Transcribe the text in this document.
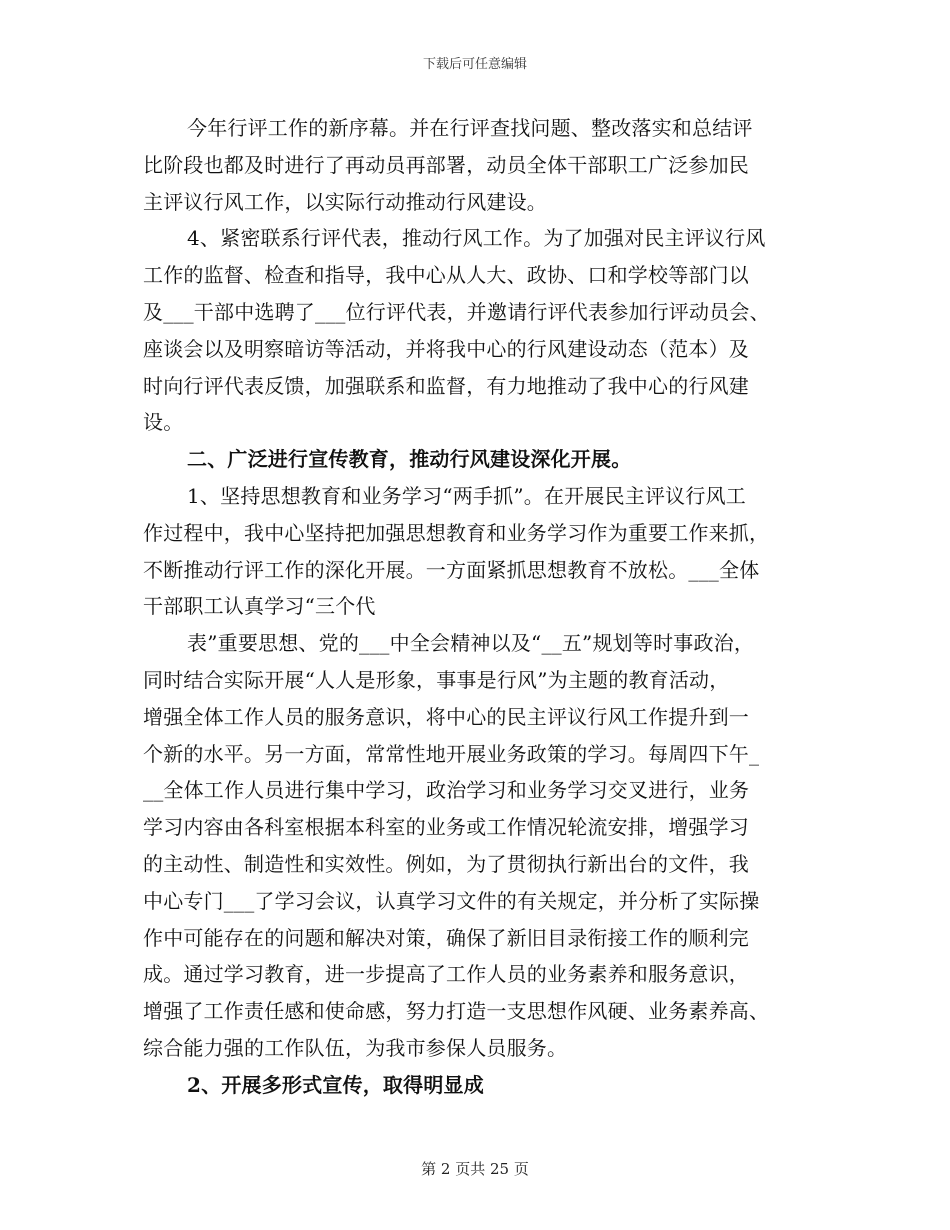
下载后可任意编辑
今年行评工作的新序幕。并在行评查找问题、整改落实和总结评
比阶段也都及时进行了再动员再部署，动员全体干部职工广泛参加民
主评议行风工作，以实际行动推动行风建设。
4、紧密联系行评代表，推动行风工作。为了加强对民主评议行风
工作的监督、检查和指导，我中心从人大、政协、口和学校等部门以
及___干部中选聘了___位行评代表，并邀请行评代表参加行评动员会、
座谈会以及明察暗访等活动，并将我中心的行风建设动态（范本）及
时向行评代表反馈，加强联系和监督，有力地推动了我中心的行风建
设。
二、广泛进行宣传教育，推动行风建设深化开展。
1、坚持思想教育和业务学习“两手抓”。在开展民主评议行风工
作过程中，我中心坚持把加强思想教育和业务学习作为重要工作来抓，
不断推动行评工作的深化开展。一方面紧抓思想教育不放松。___全体
干部职工认真学习“三个代
表”重要思想、党的___中全会精神以及“__五”规划等时事政治，
同时结合实际开展“人人是形象，事事是行风”为主题的教育活动，
增强全体工作人员的服务意识，将中心的民主评议行风工作提升到一
个新的水平。另一方面，常常性地开展业务政策的学习。每周四下午_
__全体工作人员进行集中学习，政治学习和业务学习交叉进行，业务
学习内容由各科室根据本科室的业务或工作情况轮流安排，增强学习
的主动性、制造性和实效性。例如，为了贯彻执行新出台的文件，我
中心专门___了学习会议，认真学习文件的有关规定，并分析了实际操
作中可能存在的问题和解决对策，确保了新旧目录衔接工作的顺利完
成。通过学习教育，进一步提高了工作人员的业务素养和服务意识，
增强了工作责任感和使命感，努力打造一支思想作风硬、业务素养高、
综合能力强的工作队伍，为我市参保人员服务。
2、开展多形式宣传，取得明显成
第 2 页共 25 页
